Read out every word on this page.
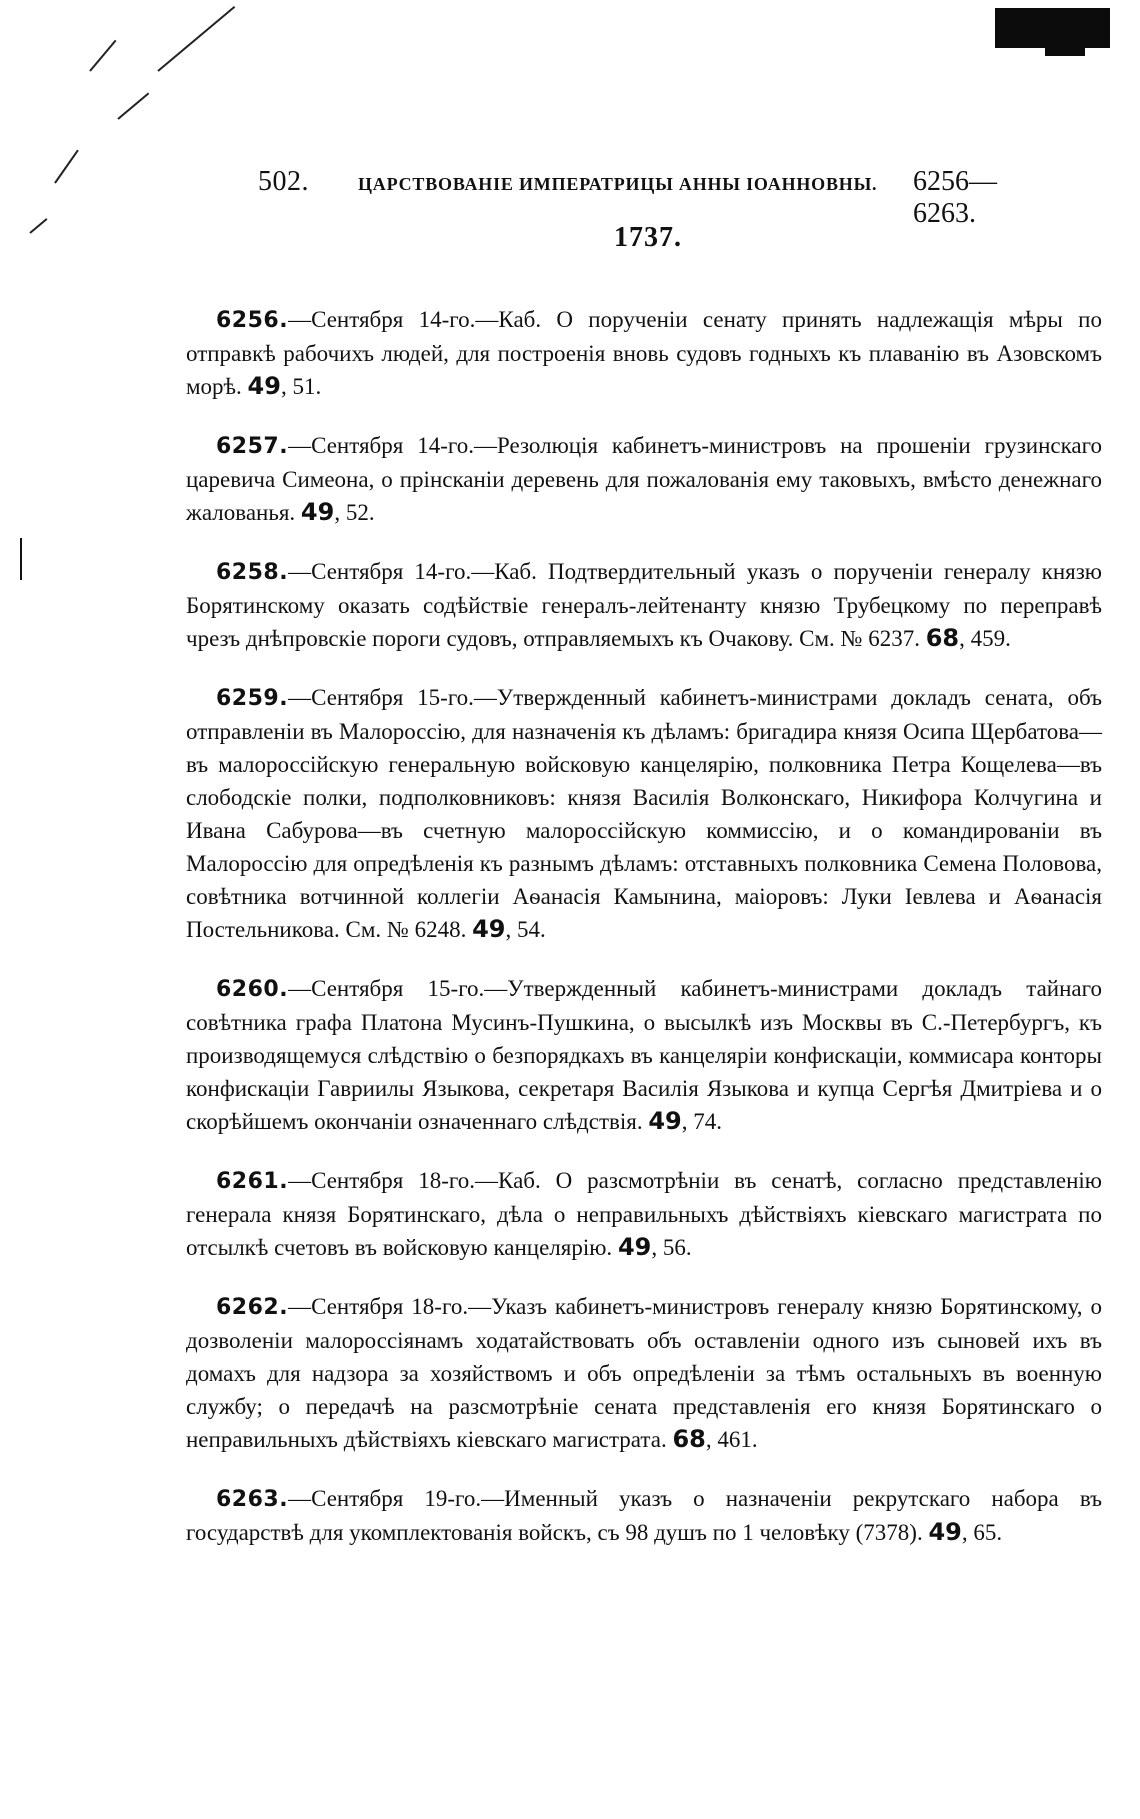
502.	ЦАРСТВОВАНІЕ ИМПЕРАТРИЦЫ АННЫ ІОАННОВНЫ. 6256—6263.
1737.

6256.—Сентября 14-го.—Каб. О порученіи сенату принять надлежащія мѣры по отправкѣ рабочихъ людей, для построенія вновь судовъ годныхъ къ плаванію въ Азовскомъ морѣ. 49, 51.

6257.—Сентября 14-го.—Резолюція кабинетъ-министровъ на прошеніи грузинскаго царевича Симеона, о прінсканіи деревень для пожалованія ему таковыхъ, вмѣсто денежнаго жалованья. 49, 52.

6258.—Сентября 14-го.—Каб. Подтвердительный указъ о порученіи генералу князю Борятинскому оказать содѣйствіе генералъ-лейтенанту князю Трубецкому по переправѣ чрезъ днѣпровскіе пороги судовъ, отправляемыхъ къ Очакову. См. № 6237. 68, 459.

6259.—Сентября 15-го.—Утвержденный кабинетъ-министрами докладъ сената, объ отправленіи въ Малороссію, для назначенія къ дѣламъ: бригадира князя Осипа Щербатова—въ малороссійскую генеральную войсковую канцелярію, полковника Петра Кощелева—въ слободскіе полки, подполковниковъ: князя Василія Волконскаго, Никифора Колчугина и Ивана Сабурова—въ счетную малороссійскую коммиссію, и о командированіи въ Малороссію для опредѣленія къ разнымъ дѣламъ: отставныхъ полковника Семена Половова, совѣтника вотчинной коллегіи Аѳанасія Камынина, маіоровъ: Луки Іевлева и Аѳанасія Постельникова. См. № 6248. 49, 54.

6260.—Сентября 15-го.—Утвержденный кабинетъ-министрами докладъ тайнаго совѣтника графа Платона Мусинъ-Пушкина, о высылкѣ изъ Москвы въ С.-Петербургъ, къ производящемуся слѣдствію о безпорядкахъ въ канцеляріи конфискаціи, коммисара конторы конфискаціи Гавриилы Языкова, секретаря Василія Языкова и купца Сергѣя Дмитріева и о скорѣйшемъ окончаніи означеннаго слѣдствія. 49, 74.

6261.—Сентября 18-го.—Каб. О разсмотрѣніи въ сенатѣ, согласно представленію генерала князя Борятинскаго, дѣла о неправильныхъ дѣйствіяхъ кіевскаго магистрата по отсылкѣ счетовъ въ войсковую канцелярію. 49, 56.

6262.—Сентября 18-го.—Указъ кабинетъ-министровъ генералу князю Борятинскому, о дозволеніи малороссіянамъ ходатайствовать объ оставленіи одного изъ сыновей ихъ въ домахъ для надзора за хозяйствомъ и объ опредѣленіи за тѣмъ остальныхъ въ военную службу; о передачѣ на разсмотрѣніе сената представленія его князя Борятинскаго о неправильныхъ дѣйствіяхъ кіевскаго магистрата. 68, 461.

6263.—Сентября 19-го.—Именный указъ о назначеніи рекрутскаго набора въ государствѣ для укомплектованія войскъ, съ 98 душъ по 1 человѣку (7378). 49, 65.
